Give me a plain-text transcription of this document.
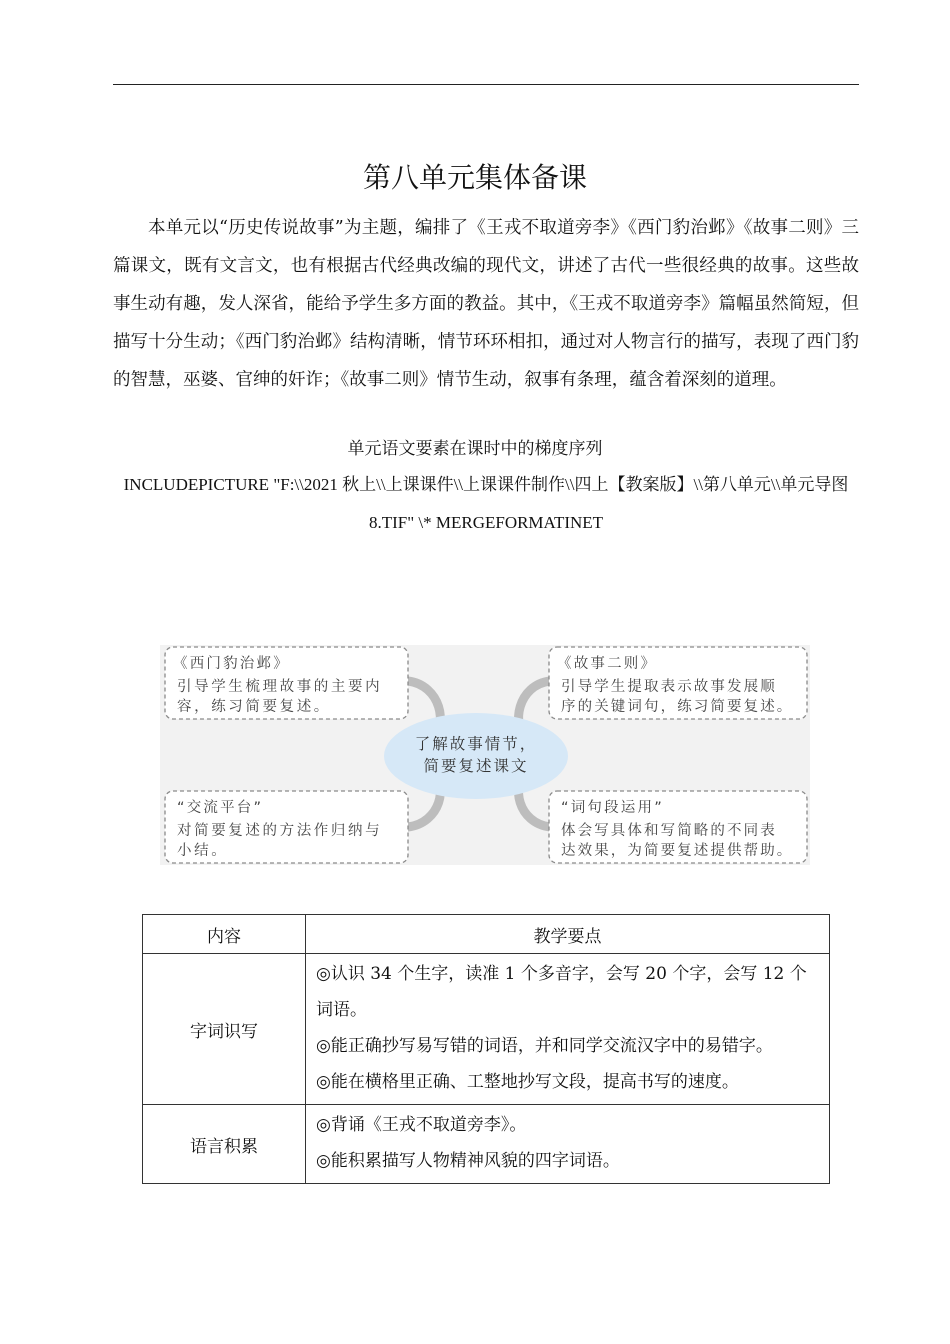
第八单元集体备课

本单元以“历史传说故事”为主题，编排了《王戎不取道旁李》《西门豹治邺》《故事二则》三篇课文，既有文言文，也有根据古代经典改编的现代文，讲述了古代一些很经典的故事。这些故事生动有趣，发人深省，能给予学生多方面的教益。其中，《王戎不取道旁李》篇幅虽然简短，但描写十分生动；《西门豹治邺》结构清晰，情节环环相扣，通过对人物言行的描写，表现了西门豹的智慧，巫婆、官绅的奸诈；《故事二则》情节生动，叙事有条理，蕴含着深刻的道理。

单元语文要素在课时中的梯度序列
INCLUDEPICTURE "F:\\2021 秋上\\上课课件\\上课课件制作\\四上【教案版】\\第八单元\\单元导图 8.TIF" \* MERGEFORMATINET
了解故事情节，
简要复述课文
《西门豹治邺》
引导学生梳理故事的主要内
容，练习简要复述。
《故事二则》
引导学生提取表示故事发展顺
序的关键词句，练习简要复述。
“交流平台”
对简要复述的方法作归纳与
小结。
“词句段运用”
体会写具体和写简略的不同表
达效果，为简要复述提供帮助。
内容	教学要点
字词识写	◎认识 34 个生字，读准 1 个多音字，会写 20 个字，会写 12 个词语。
◎能正确抄写易写错的词语，并和同学交流汉字中的易错字。
◎能在横格里正确、工整地抄写文段，提高书写的速度。

语言积累	◎背诵《王戎不取道旁李》。
◎能积累描写人物精神风貌的四字词语。
